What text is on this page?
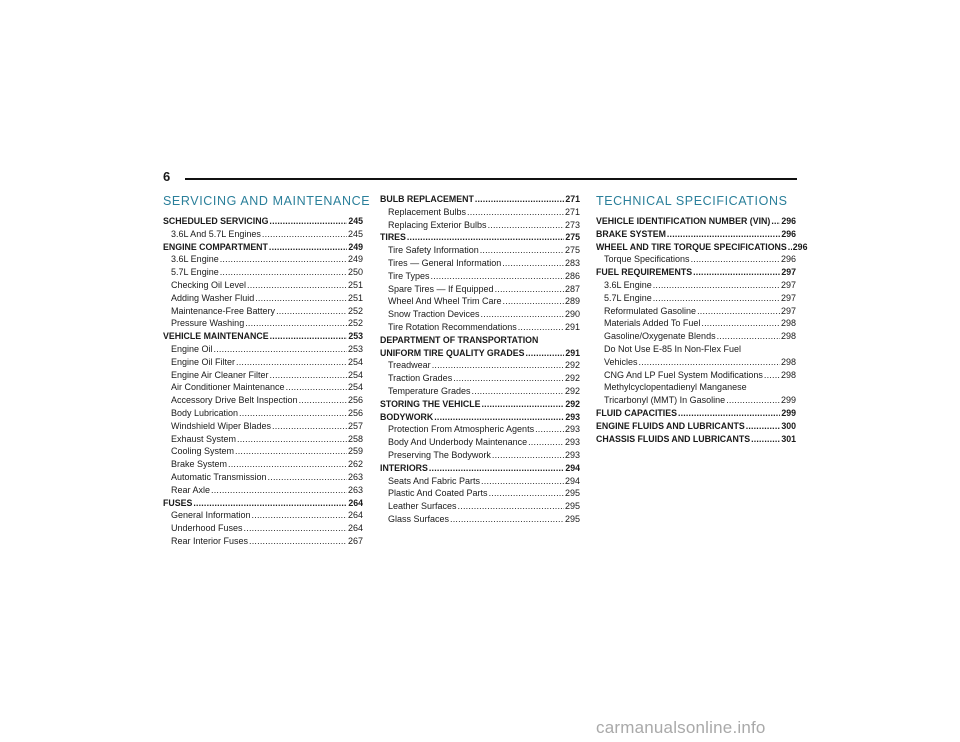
6
SERVICING AND MAINTENANCE
SCHEDULED SERVICING .....	245
3.6L And 5.7L Engines .....	245
ENGINE COMPARTMENT .....	249
3.6L Engine .....	249
5.7L Engine .....	250
Checking Oil Level .....	251
Adding Washer Fluid .....	251
Maintenance-Free Battery .....	252
Pressure Washing .....	252
VEHICLE MAINTENANCE .....	253
Engine Oil .....	253
Engine Oil Filter .....	254
Engine Air Cleaner Filter .....	254
Air Conditioner Maintenance .....	254
Accessory Drive Belt Inspection .....	256
Body Lubrication .....	256
Windshield Wiper Blades .....	257
Exhaust System .....	258
Cooling System .....	259
Brake System .....	262
Automatic Transmission .....	263
Rear Axle .....	263
FUSES .....	264
General Information .....	264
Underhood Fuses .....	264
Rear Interior Fuses .....	267
BULB REPLACEMENT .....	271
Replacement Bulbs .....	271
Replacing Exterior Bulbs .....	273
TIRES .....	275
Tire Safety Information .....	275
Tires — General Information .....	283
Tire Types .....	286
Spare Tires — If Equipped .....	287
Wheel And Wheel Trim Care .....	289
Snow Traction Devices .....	290
Tire Rotation Recommendations .....	291
DEPARTMENT OF TRANSPORTATION
UNIFORM TIRE QUALITY GRADES .....	291
Treadwear .....	292
Traction Grades .....	292
Temperature Grades .....	292
STORING THE VEHICLE .....	292
BODYWORK .....	293
Protection From Atmospheric Agents .....	293
Body And Underbody Maintenance .....	293
Preserving The Bodywork .....	293
INTERIORS .....	294
Seats And Fabric Parts .....	294
Plastic And Coated Parts .....	295
Leather Surfaces .....	295
Glass Surfaces .....	295
TECHNICAL SPECIFICATIONS
VEHICLE IDENTIFICATION NUMBER (VIN) ..... 296
BRAKE SYSTEM .....	296
WHEEL AND TIRE TORQUE SPECIFICATIONS ..... 296
Torque Specifications .....	296
FUEL REQUIREMENTS .....	297
3.6L Engine .....	297
5.7L Engine .....	297
Reformulated Gasoline .....	297
Materials Added To Fuel .....	298
Gasoline/Oxygenate Blends .....	298
Do Not Use E-85 In Non-Flex Fuel
Vehicles .....	298
CNG And LP Fuel System Modifications ..... 298
Methylcyclopentadienyl Manganese
Tricarbonyl (MMT) In Gasoline .....	299
FLUID CAPACITIES .....	299
ENGINE FLUIDS AND LUBRICANTS .....	300
CHASSIS FLUIDS AND LUBRICANTS .....	301
carmanualsonline.info
